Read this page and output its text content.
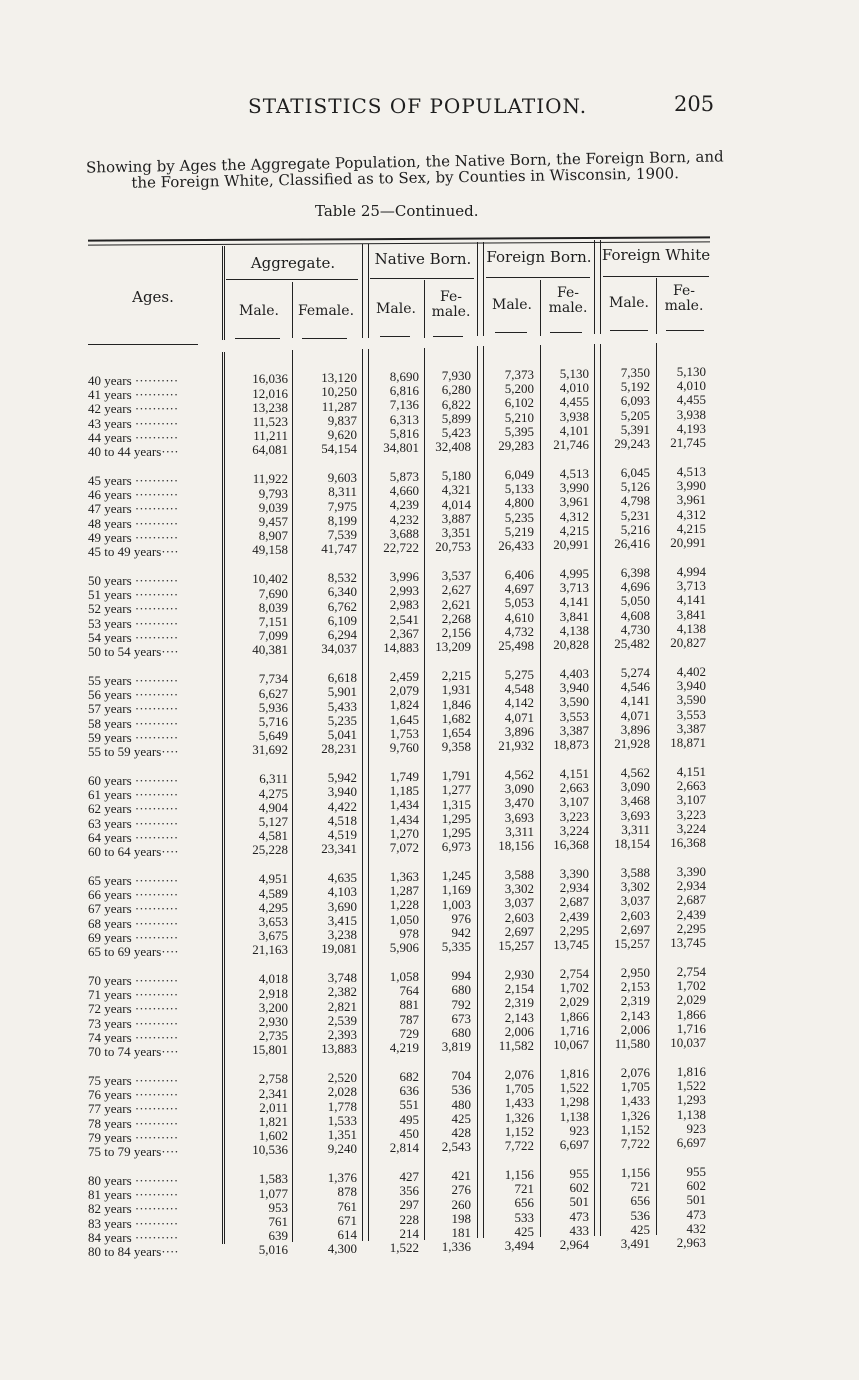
STATISTICS OF POPULATION.	205
Showing by Ages the Aggregate Population, the Native Born, the Foreign Born, and the Foreign White, Classified as to Sex, by Counties in Wisconsin, 1900.
Table 25—Continued.
Ages.
Aggregate.	Native Born.	Foreign Born. Foreign White
Male.	Female.	Male.
Fe-
male.	Male.
Fe-
male.	Male.
Fe-
male.
40 years ··········	16,036	13,120	8,690 7,930	7,373 5,130 7,350 5,130
41 years ··········	12,016	10,250	6,816 6,280	5,200 4,010 5,192 4,010
42 years ··········	13,238	11,287	7,136 6,822	6,102 4,455 6,093 4,455
43 years ··········	11,523	9,837	6,313 5,899	5,210 3,938 5,205 3,938
44 years ··········	11,211	9,620	5,816 5,423	5,395 4,101 5,391 4,193
40 to 44 years····	64,081	54,154 34,801 32,408 29,283 21,746 29,243 21,745
45 years ··········	11,922	9,603	5,873 5,180	6,049 4,513 6,045 4,513
46 years ··········	9,793	8,311	4,660 4,321	5,133 3,990 5,126 3,990
47 years ··········	9,039	7,975	4,239 4,014	4,800 3,961 4,798 3,961
48 years ··········	9,457	8,199	4,232 3,887	5,235 4,312 5,231 4,312
49 years ··········	8,907	7,539	3,688 3,351	5,219 4,215 5,216 4,215
45 to 49 years····	49,158	41,747 22,722 20,753 26,433 20,991 26,416 20,991
50 years ··········	10,402	8,532	3,996 3,537	6,406 4,995 6,398 4,994
51 years ··········	7,690	6,340	2,993 2,627	4,697 3,713 4,696 3,713
52 years ··········	8,039	6,762	2,983 2,621	5,053 4,141 5,050 4,141
53 years ··········	7,151	6,109	2,541 2,268	4,610 3,841 4,608 3,841
54 years ··········	7,099	6,294	2,367 2,156	4,732 4,138 4,730 4,138
50 to 54 years····	40,381	34,037 14,883 13,209 25,498 20,828 25,482 20,827
55 years ··········	7,734	6,618	2,459 2,215	5,275 4,403 5,274 4,402
56 years ··········	6,627	5,901	2,079 1,931	4,548 3,940 4,546 3,940
57 years ··········	5,936	5,433	1,824 1,846	4,142 3,590 4,141 3,590
58 years ··········	5,716	5,235	1,645 1,682	4,071 3,553 4,071 3,553
59 years ··········	5,649	5,041	1,753 1,654	3,896 3,387 3,896 3,387
55 to 59 years····	31,692	28,231	9,760 9,358 21,932 18,873 21,928 18,871
60 years ··········	6,311	5,942	1,749 1,791	4,562 4,151 4,562 4,151
61 years ··········	4,275	3,940	1,185 1,277	3,090 2,663 3,090 2,663
62 years ··········	4,904	4,422	1,434 1,315	3,470 3,107 3,468 3,107
63 years ··········	5,127	4,518	1,434 1,295	3,693 3,223 3,693 3,223
64 years ··········	4,581	4,519	1,270 1,295	3,311 3,224 3,311 3,224
60 to 64 years····	25,228	23,341	7,072 6,973 18,156 16,368 18,154 16,368
65 years ··········	4,951	4,635	1,363 1,245	3,588 3,390 3,588 3,390
66 years ··········	4,589	4,103	1,287 1,169	3,302 2,934 3,302 2,934
67 years ··········	4,295	3,690	1,228 1,003	3,037 2,687 3,037 2,687
68 years ··········	3,653	3,415	1,050	976	2,603 2,439 2,603 2,439
69 years ··········	3,675	3,238	978	942	2,697 2,295 2,697 2,295
65 to 69 years····	21,163	19,081	5,906 5,335 15,257 13,745 15,257 13,745
70 years ··········	4,018	3,748	1,058	994	2,930 2,754 2,950 2,754
71 years ··········	2,918	2,382	764	680	2,154 1,702 2,153 1,702
72 years ··········	3,200	2,821	881	792	2,319 2,029 2,319 2,029
73 years ··········	2,930	2,539	787	673	2,143 1,866 2,143 1,866
74 years ··········	2,735	2,393	729	680	2,006 1,716 2,006 1,716
70 to 74 years····	15,801	13,883	4,219 3,819 11,582 10,067 11,580 10,037
75 years ··········	2,758	2,520	682	704	2,076 1,816 2,076 1,816
76 years ··········	2,341	2,028	636	536	1,705 1,522 1,705 1,522
77 years ··········	2,011	1,778	551	480	1,433 1,298 1,433 1,293
78 years ··········	1,821	1,533	495	425	1,326 1,138 1,326 1,138
79 years ··········	1,602	1,351	450	428	1,152	923 1,152	923
75 to 79 years····	10,536	9,240	2,814 2,543	7,722 6,697 7,722 6,697
80 years ··········	1,583	1,376	427	421	1,156	955 1,156	955
81 years ··········	1,077	878	356	276	721	602	721	602
82 years ··········	953	761	297	260	656	501	656	501
83 years ··········	761	671	228	198	533	473	536	473
84 years ··········	639	614	214	181	425	433	425	432
80 to 84 years····	5,016	4,300	1,522 1,336	3,494 2,964 3,491 2,963
